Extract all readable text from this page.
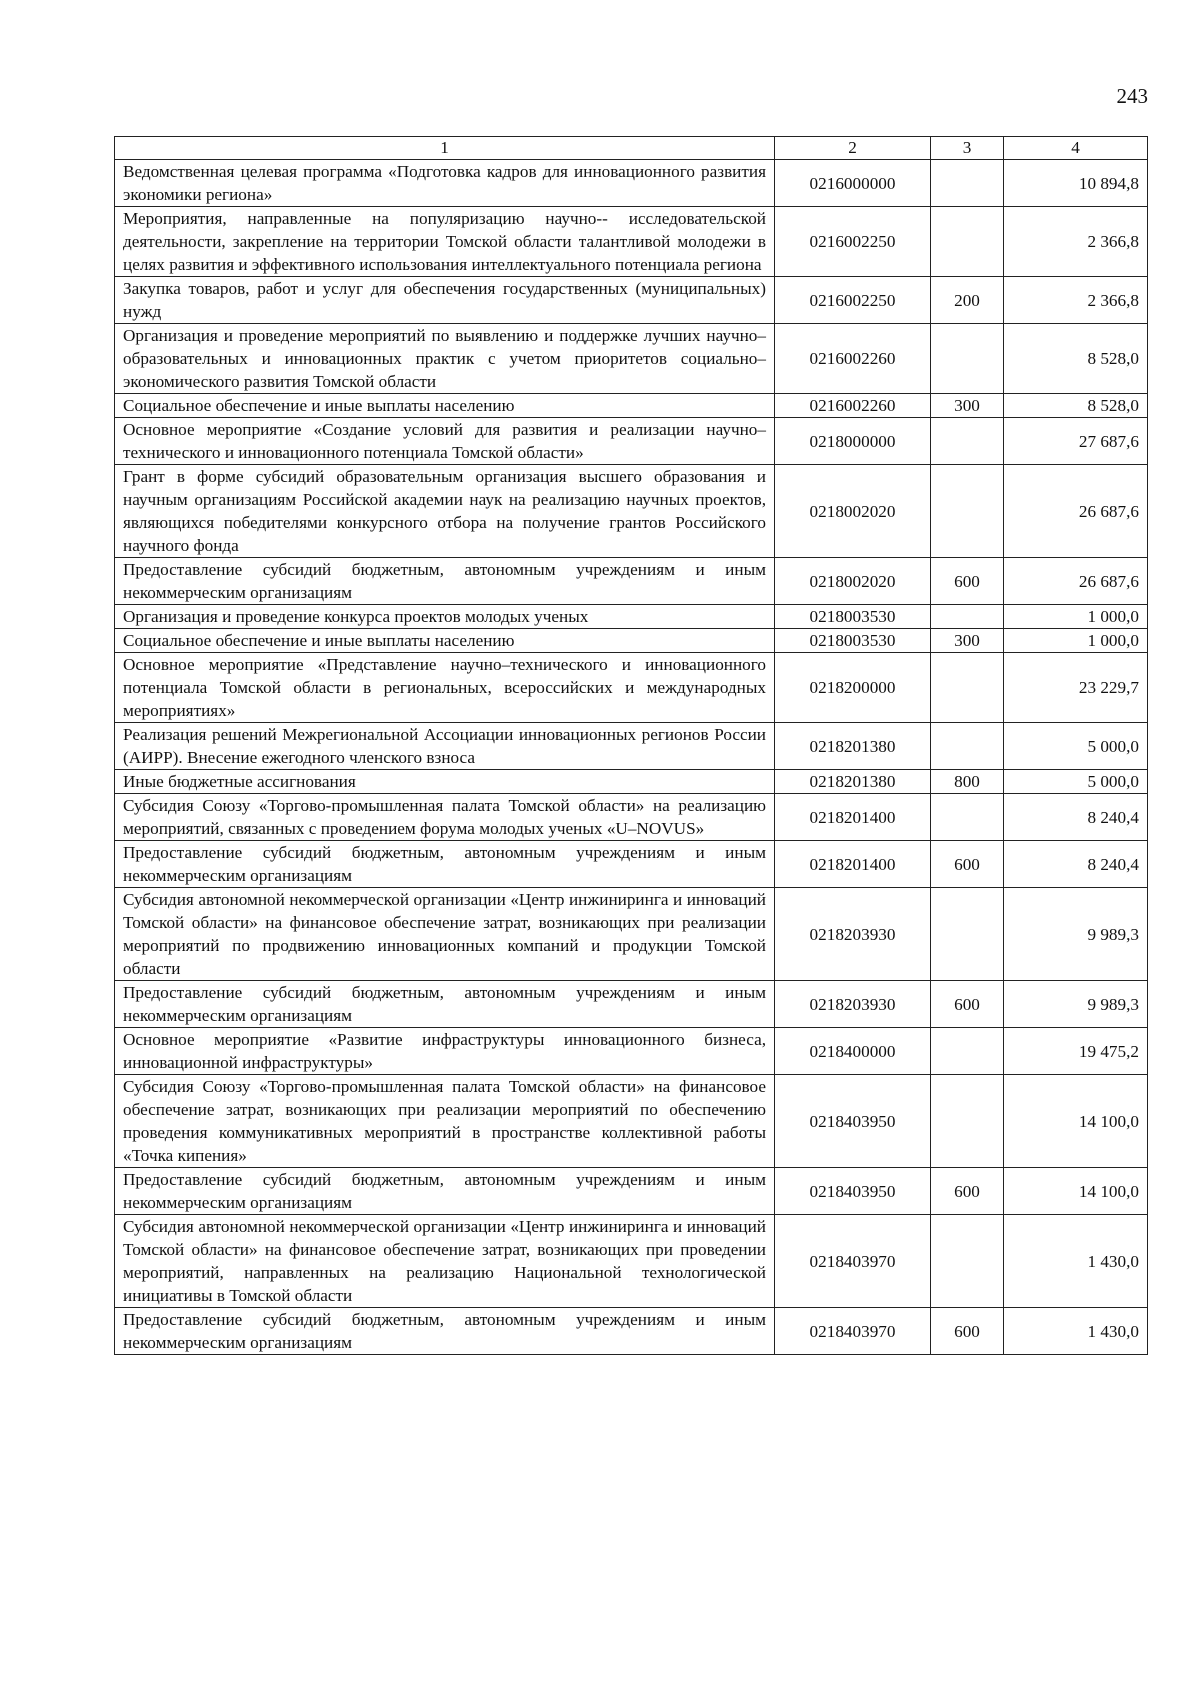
243
1	2	3	4
Ведомственная целевая программа «Подготовка кадров для инновационного развития экономики региона»	0216000000		10 894,8
Мероприятия, направленные на популяризацию научно-- исследовательской деятельности, закрепление на территории Томской области талантливой молодежи в целях развития и эффективного использования интеллектуального потенциала региона	0216002250		2 366,8
Закупка товаров, работ и услуг для обеспечения государственных (муниципальных) нужд	0216002250	200	2 366,8
Организация и проведение мероприятий по выявлению и поддержке лучших научно–образовательных и инновационных практик с учетом приоритетов социально–экономического развития Томской области	0216002260		8 528,0
Социальное обеспечение и иные выплаты населению	0216002260	300	8 528,0
Основное мероприятие «Создание условий для развития и реализации научно–технического и инновационного потенциала Томской области»	0218000000		27 687,6
Грант в форме субсидий образовательным организация высшего образования и научным организациям Российской академии наук на реализацию научных проектов, являющихся победителями конкурсного отбора на получение грантов Российского научного фонда	0218002020		26 687,6
Предоставление субсидий бюджетным, автономным учреждениям и иным некоммерческим организациям	0218002020	600	26 687,6
Организация и проведение конкурса проектов молодых ученых	0218003530		1 000,0
Социальное обеспечение и иные выплаты населению	0218003530	300	1 000,0
Основное мероприятие «Представление научно–технического и инновационного потенциала Томской области в региональных, всероссийских и международных мероприятиях»	0218200000		23 229,7
Реализация решений Межрегиональной Ассоциации инновационных регионов России (АИРР). Внесение ежегодного членского взноса	0218201380		5 000,0
Иные бюджетные ассигнования	0218201380	800	5 000,0
Субсидия Союзу «Торгово-промышленная палата Томской области» на реализацию мероприятий, связанных с проведением форума молодых ученых «U–NOVUS»	0218201400		8 240,4
Предоставление субсидий бюджетным, автономным учреждениям и иным некоммерческим организациям	0218201400	600	8 240,4
Субсидия автономной некоммерческой организации «Центр инжиниринга и инноваций Томской области» на финансовое обеспечение затрат, возникающих при реализации мероприятий по продвижению инновационных компаний и продукции Томской области	0218203930		9 989,3
Предоставление субсидий бюджетным, автономным учреждениям и иным некоммерческим организациям	0218203930	600	9 989,3
Основное мероприятие «Развитие инфраструктуры инновационного бизнеса, инновационной инфраструктуры»	0218400000		19 475,2
Субсидия Союзу «Торгово-промышленная палата Томской области» на финансовое обеспечение затрат, возникающих при реализации мероприятий по обеспечению проведения коммуникативных мероприятий в пространстве коллективной работы «Точка кипения»	0218403950		14 100,0
Предоставление субсидий бюджетным, автономным учреждениям и иным некоммерческим организациям	0218403950	600	14 100,0
Субсидия автономной некоммерческой организации «Центр инжиниринга и инноваций Томской области» на финансовое обеспечение затрат, возникающих при проведении мероприятий, направленных на реализацию Национальной технологической инициативы в Томской области	0218403970		1 430,0
Предоставление субсидий бюджетным, автономным учреждениям и иным некоммерческим организациям	0218403970	600	1 430,0
